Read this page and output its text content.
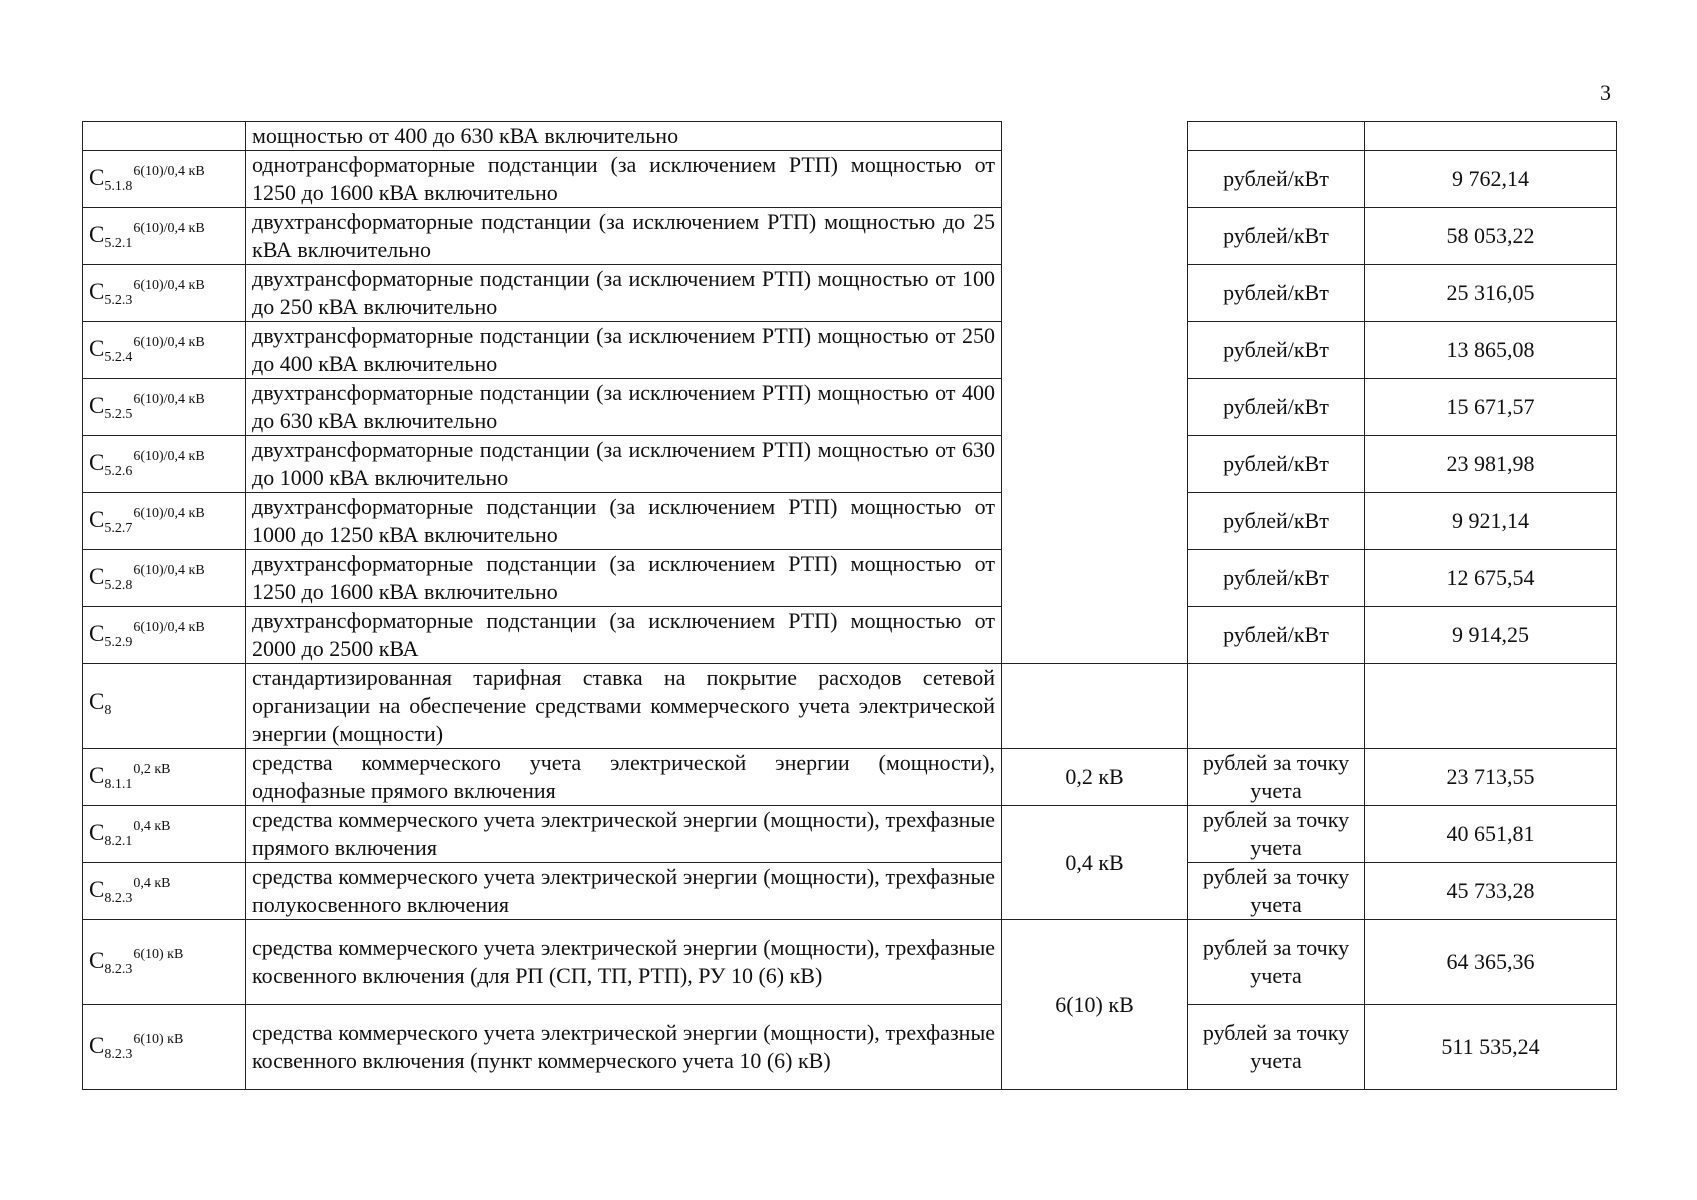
3
	мощностью от 400 до 630 кВА включительно			
$С_{5.1.8}^{6(10)/0,4 кВ}$	однотрансформаторные подстанции (за исключением РТП) мощностью от 1250 до 1600 кВА включительно		рублей/кВт	9 762,14
$С_{5.2.1}^{6(10)/0,4 кВ}$	двухтрансформаторные подстанции (за исключением РТП) мощностью до 25 кВА включительно		рублей/кВт	58 053,22
$С_{5.2.3}^{6(10)/0,4 кВ}$	двухтрансформаторные подстанции (за исключением РТП) мощностью от 100 до 250 кВА включительно		рублей/кВт	25 316,05
$С_{5.2.4}^{6(10)/0,4 кВ}$	двухтрансформаторные подстанции (за исключением РТП) мощностью от 250 до 400 кВА включительно		рублей/кВт	13 865,08
$С_{5.2.5}^{6(10)/0,4 кВ}$	двухтрансформаторные подстанции (за исключением РТП) мощностью от 400 до 630 кВА включительно		рублей/кВт	15 671,57
$С_{5.2.6}^{6(10)/0,4 кВ}$	двухтрансформаторные подстанции (за исключением РТП) мощностью от 630 до 1000 кВА включительно		рублей/кВт	23 981,98
$С_{5.2.7}^{6(10)/0,4 кВ}$	двухтрансформаторные подстанции (за исключением РТП) мощностью от 1000 до 1250 кВА включительно		рублей/кВт	9 921,14
$С_{5.2.8}^{6(10)/0,4 кВ}$	двухтрансформаторные подстанции (за исключением РТП) мощностью от 1250 до 1600 кВА включительно		рублей/кВт	12 675,54
$С_{5.2.9}^{6(10)/0,4 кВ}$	двухтрансформаторные подстанции (за исключением РТП) мощностью от 2000 до 2500 кВА		рублей/кВт	9 914,25
$С_8$	стандартизированная тарифная ставка на покрытие расходов сетевой организации на обеспечение средствами коммерческого учета электрической энергии (мощности)			
$С_{8.1.1}^{0,2 кВ}$	средства коммерческого учета электрической энергии (мощности), однофазные прямого включения	0,2 кВ	рублей за точку учета	23 713,55
$С_{8.2.1}^{0,4 кВ}$	средства коммерческого учета электрической энергии (мощности), трехфазные прямого включения	0,4 кВ	рублей за точку учета	40 651,81
$С_{8.2.3}^{0,4 кВ}$	средства коммерческого учета электрической энергии (мощности), трехфазные полукосвенного включения		рублей за точку учета	45 733,28
$С_{8.2.3}^{6(10) кВ}$	средства коммерческого учета электрической энергии (мощности), трехфазные косвенного включения (для РП (СП, ТП, РТП), РУ 10 (6) кВ)	6(10) кВ	рублей за точку учета	64 365,36
$С_{8.2.3}^{6(10) кВ}$	средства коммерческого учета электрической энергии (мощности), трехфазные косвенного включения (пункт коммерческого учета 10 (6) кВ)		рублей за точку учета	511 535,24
